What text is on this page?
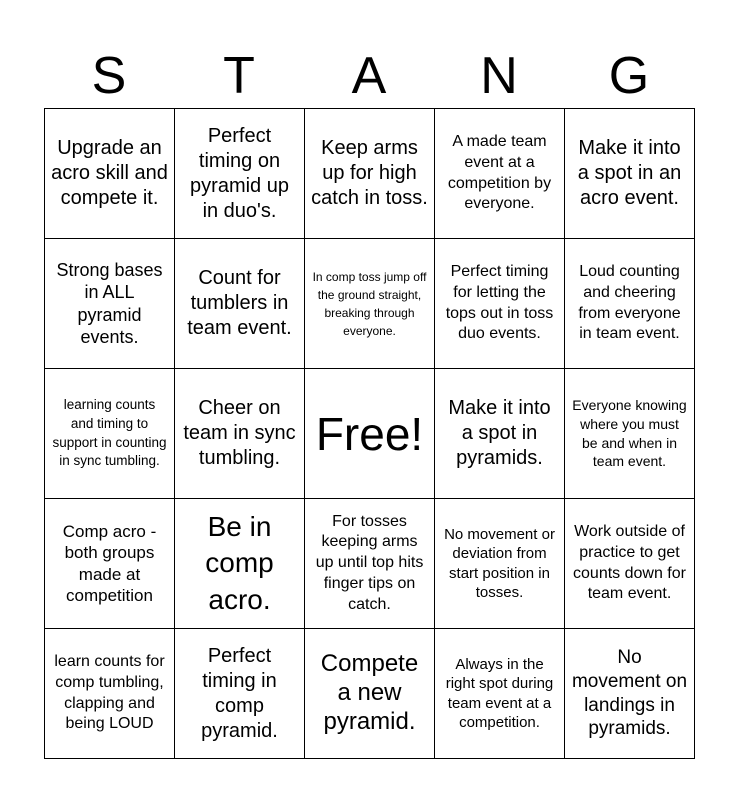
S	T	A	N	G
Upgrade an acro skill and compete it.	Perfect timing on pyramid up in duo's.	Keep arms up for high catch in toss.	A made team event at a competition by everyone.	Make it into a spot in an acro event.
Strong bases in ALL pyramid events.	Count for tumblers in team event.	In comp toss jump off the ground straight, breaking through everyone.	Perfect timing for letting the tops out in toss duo events.	Loud counting and cheering from everyone in team event.
learning counts and timing to support in counting in sync tumbling.	Cheer on team in sync tumbling.	Free!	Make it into a spot in pyramids.	Everyone knowing where you must be and when in team event.
Comp acro - both groups made at competition	Be in comp acro.	For tosses keeping arms up until top hits finger tips on catch.	No movement or deviation from start position in tosses.	Work outside of practice to get counts down for team event.
learn counts for comp tumbling, clapping and being LOUD	Perfect timing in comp pyramid.	Compete a new pyramid.	Always in the right spot during team event at a competition.	No movement on landings in pyramids.
